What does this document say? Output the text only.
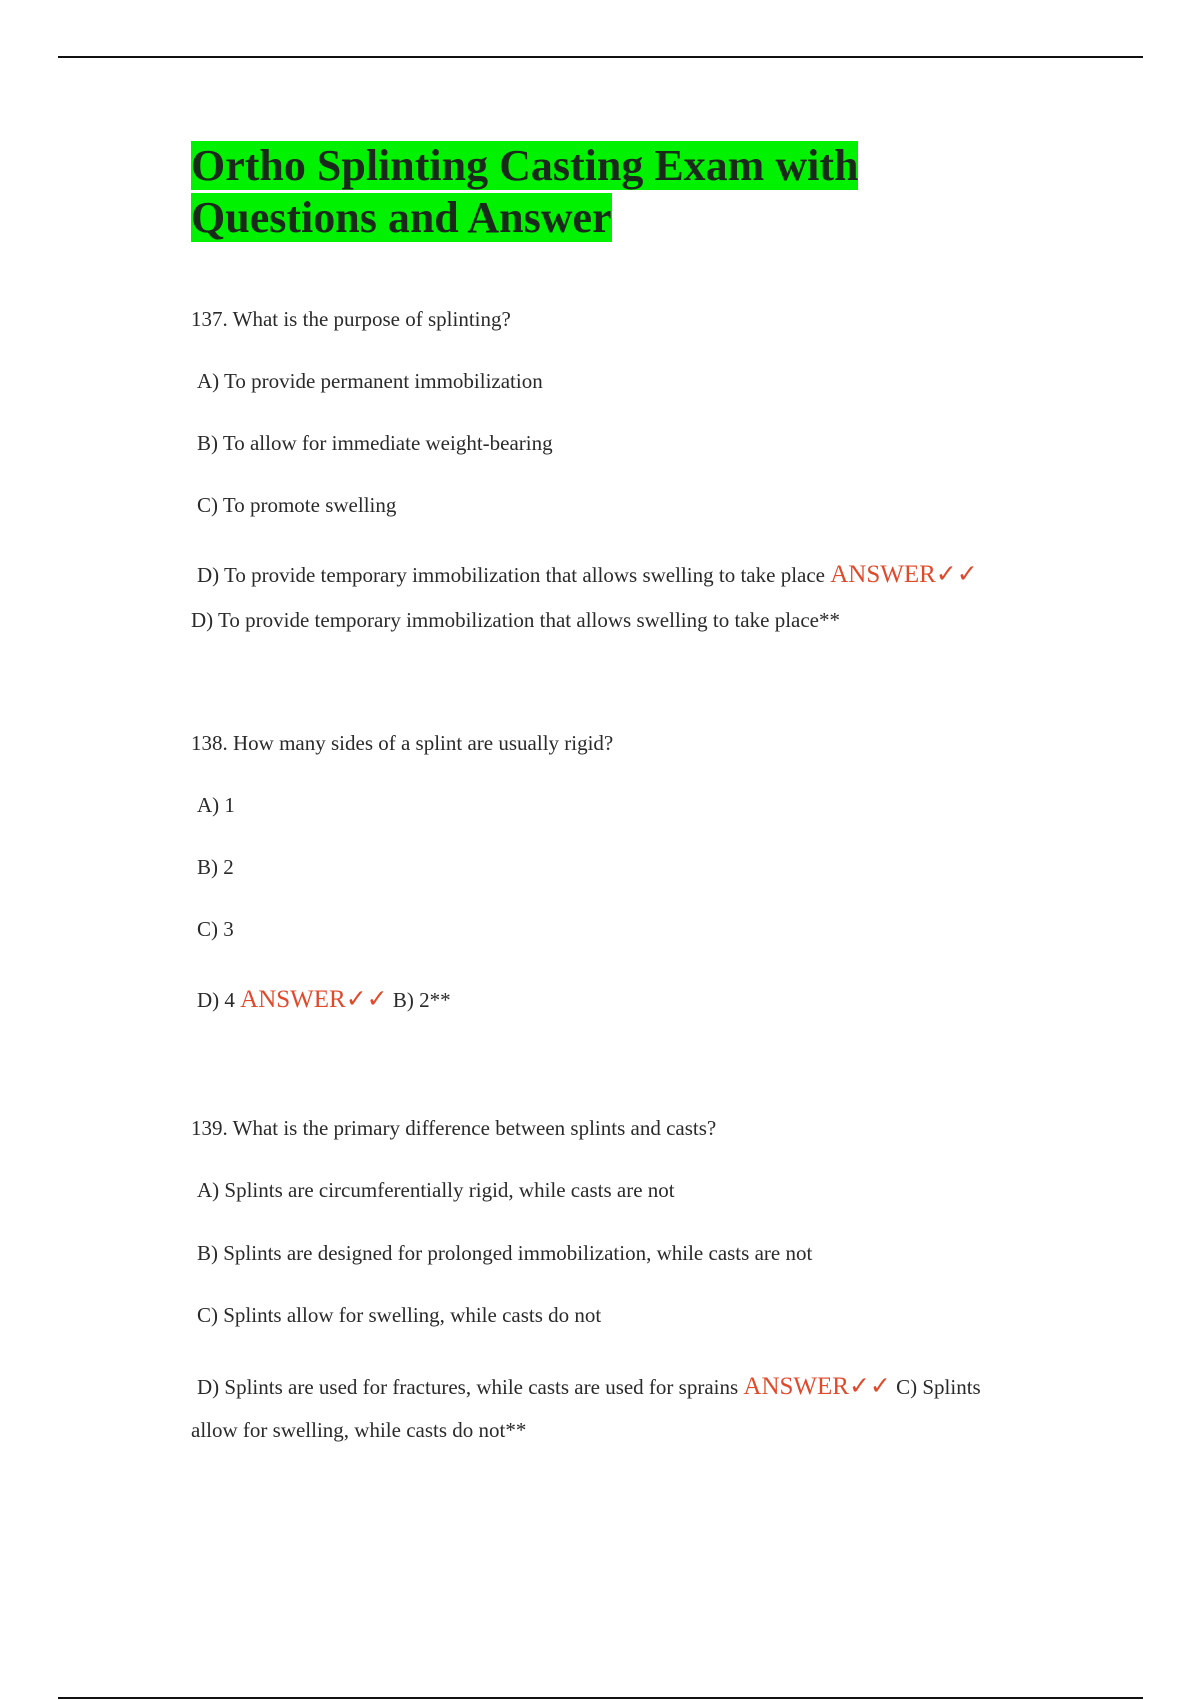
Ortho Splinting Casting Exam with
Questions and Answer
137. What is the purpose of splinting?
A) To provide permanent immobilization
B) To allow for immediate weight-bearing
C) To promote swelling
D) To provide temporary immobilization that allows swelling to take place ANSWER✓✓
D) To provide temporary immobilization that allows swelling to take place**
138. How many sides of a splint are usually rigid?
A) 1
B) 2
C) 3
D) 4 ANSWER✓✓ B) 2**
139. What is the primary difference between splints and casts?
A) Splints are circumferentially rigid, while casts are not
B) Splints are designed for prolonged immobilization, while casts are not
C) Splints allow for swelling, while casts do not
D) Splints are used for fractures, while casts are used for sprains ANSWER✓✓ C) Splints
allow for swelling, while casts do not**
